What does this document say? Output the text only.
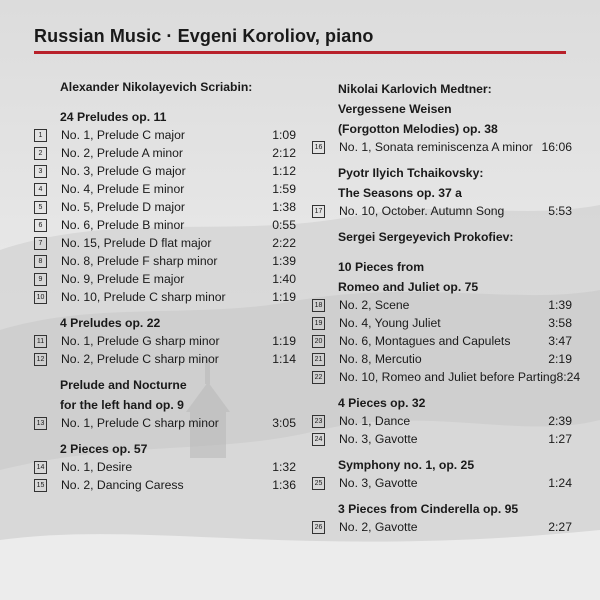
Russian Music · Evgeni Koroliov, piano
Alexander Nikolayevich Scriabin:
24 Preludes op. 11
1	No. 1, Prelude C major	1:09
2	No. 2, Prelude A minor	2:12
3	No. 3, Prelude G major	1:12
4	No. 4, Prelude E minor	1:59
5	No. 5, Prelude D major	1:38
6	No. 6, Prelude B minor	0:55
7	No. 15, Prelude D flat major	2:22
8	No. 8, Prelude F sharp minor	1:39
9	No. 9, Prelude E major	1:40
10 No. 10, Prelude C sharp minor	1:19
4 Preludes op. 22
11 No. 1, Prelude G sharp minor	1:19
12 No. 2, Prelude C sharp minor	1:14
Prelude and Nocturne
for the left hand op. 9
13 No. 1, Prelude C sharp minor	3:05
2 Pieces op. 57
14 No. 1, Desire	1:32
15 No. 2, Dancing Caress	1:36
Nikolai Karlovich Medtner:
Vergessene Weisen
(Forgotton Melodies) op. 38
16 No. 1, Sonata reminiscenza A minor 16:06
Pyotr Ilyich Tchaikovsky:
The Seasons op. 37 a
17 No. 10, October. Autumn Song	5:53
Sergei Sergeyevich Prokofiev:
10 Pieces from
Romeo and Juliet op. 75
18 No. 2, Scene	1:39
19 No. 4, Young Juliet	3:58
20 No. 6, Montagues and Capulets	3:47
21 No. 8, Mercutio	2:19
22 No. 10, Romeo and Juliet before Parting 8:24
4 Pieces op. 32
23 No. 1, Dance	2:39
24 No. 3, Gavotte	1:27
Symphony no. 1, op. 25
25 No. 3, Gavotte	1:24
3 Pieces from Cinderella op. 95
26 No. 2, Gavotte	2:27
